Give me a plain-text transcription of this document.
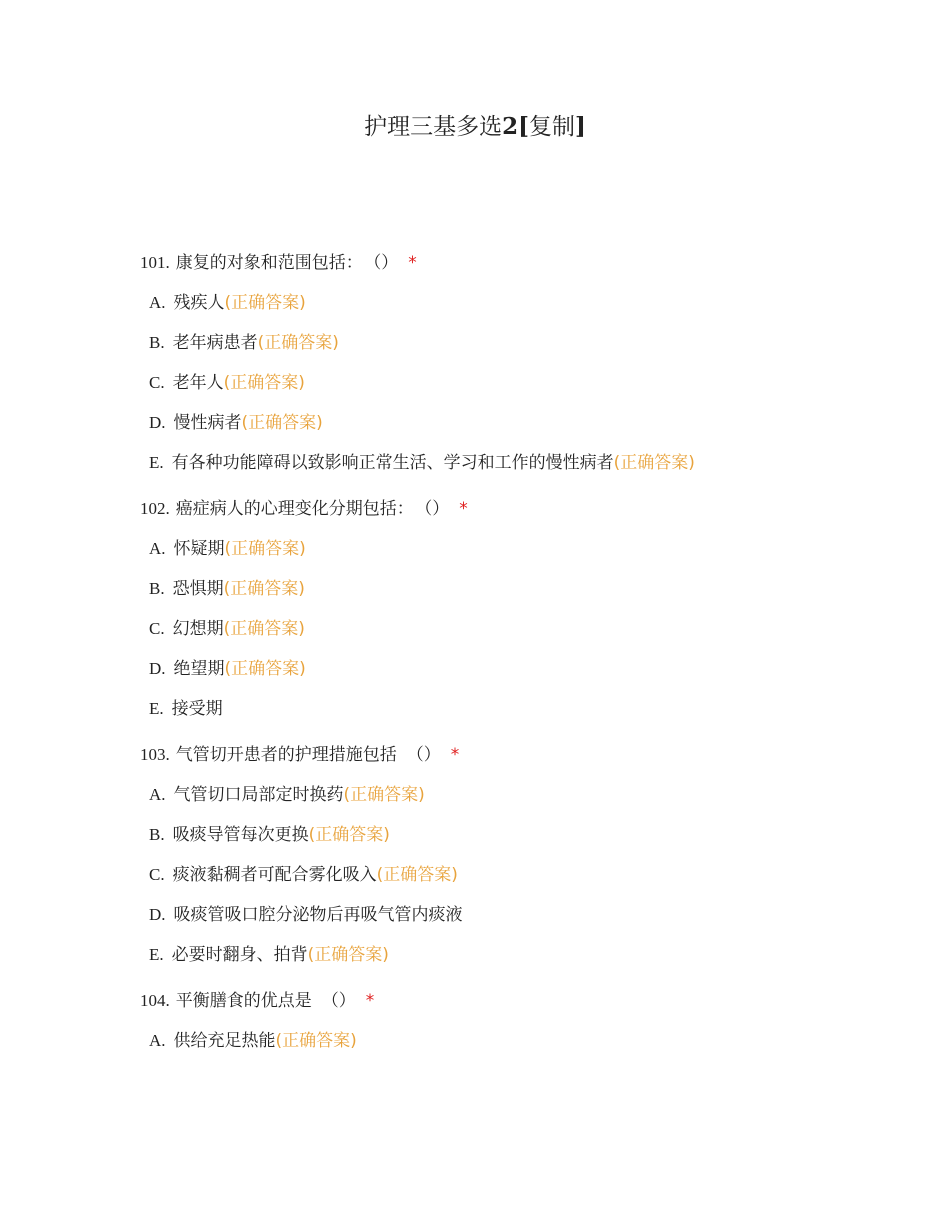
护理三基多选2[复制]
101. 康复的对象和范围包括： （） *
A. 残疾人(正确答案)
B. 老年病患者(正确答案)
C. 老年人(正确答案)
D. 慢性病者(正确答案)
E. 有各种功能障碍以致影响正常生活、学习和工作的慢性病者(正确答案)
102. 癌症病人的心理变化分期包括： （） *
A. 怀疑期(正确答案)
B. 恐惧期(正确答案)
C. 幻想期(正确答案)
D. 绝望期(正确答案)
E. 接受期
103. 气管切开患者的护理措施包括 （） *
A. 气管切口局部定时换药(正确答案)
B. 吸痰导管每次更换(正确答案)
C. 痰液黏稠者可配合雾化吸入(正确答案)
D. 吸痰管吸口腔分泌物后再吸气管内痰液
E. 必要时翻身、拍背(正确答案)
104. 平衡膳食的优点是 （） *
A. 供给充足热能(正确答案)
